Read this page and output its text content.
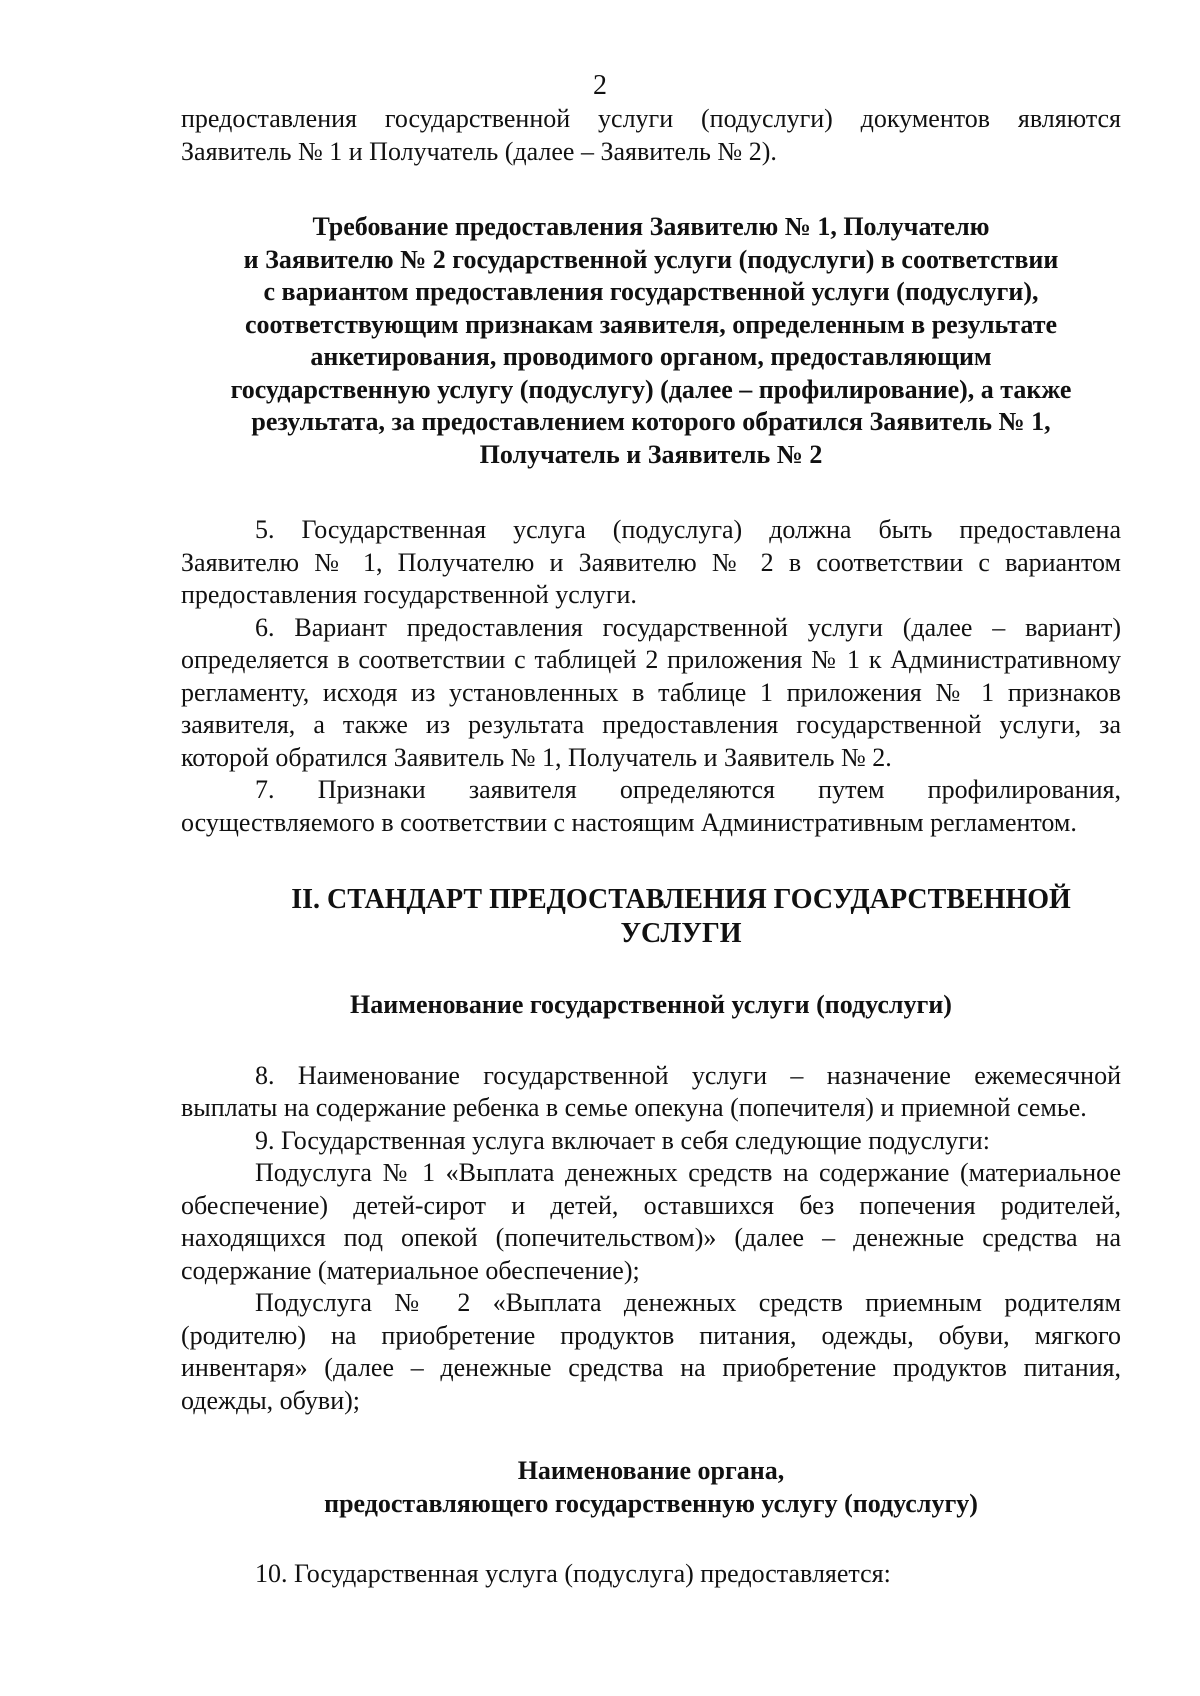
2

предоставления государственной услуги (подуслуги) документов являются Заявитель № 1 и Получатель (далее – Заявитель № 2).

Требование предоставления Заявителю № 1, Получателю
и Заявителю № 2 государственной услуги (подуслуги) в соответствии
с вариантом предоставления государственной услуги (подуслуги),
соответствующим признакам заявителя, определенным в результате
анкетирования, проводимого органом, предоставляющим
государственную услугу (подуслугу) (далее – профилирование), а также
результата, за предоставлением которого обратился Заявитель № 1,
Получатель и Заявитель № 2

5. Государственная услуга (подуслуга) должна быть предоставлена Заявителю № 1, Получателю и Заявителю № 2 в соответствии с вариантом предоставления государственной услуги.

6. Вариант предоставления государственной услуги (далее – вариант) определяется в соответствии с таблицей 2 приложения № 1 к Административному регламенту, исходя из установленных в таблице 1 приложения № 1 признаков заявителя, а также из результата предоставления государственной услуги, за которой обратился Заявитель № 1, Получатель и Заявитель № 2.

7. Признаки заявителя определяются путем профилирования, осуществляемого в соответствии с настоящим Административным регламентом.

II. СТАНДАРТ ПРЕДОСТАВЛЕНИЯ ГОСУДАРСТВЕННОЙ
УСЛУГИ
Наименование государственной услуги (подуслуги)

8. Наименование государственной услуги – назначение ежемесячной выплаты на содержание ребенка в семье опекуна (попечителя) и приемной семье.

9. Государственная услуга включает в себя следующие подуслуги:

Подуслуга № 1 «Выплата денежных средств на содержание (материальное обеспечение) детей-сирот и детей, оставшихся без попечения родителей, находящихся под опекой (попечительством)» (далее – денежные средства на содержание (материальное обеспечение);

Подуслуга № 2 «Выплата денежных средств приемным родителям (родителю) на приобретение продуктов питания, одежды, обуви, мягкого инвентаря» (далее – денежные средства на приобретение продуктов питания, одежды, обуви);

Наименование органа,
предоставляющего государственную услугу (подуслугу)

10. Государственная услуга (подуслуга) предоставляется:
